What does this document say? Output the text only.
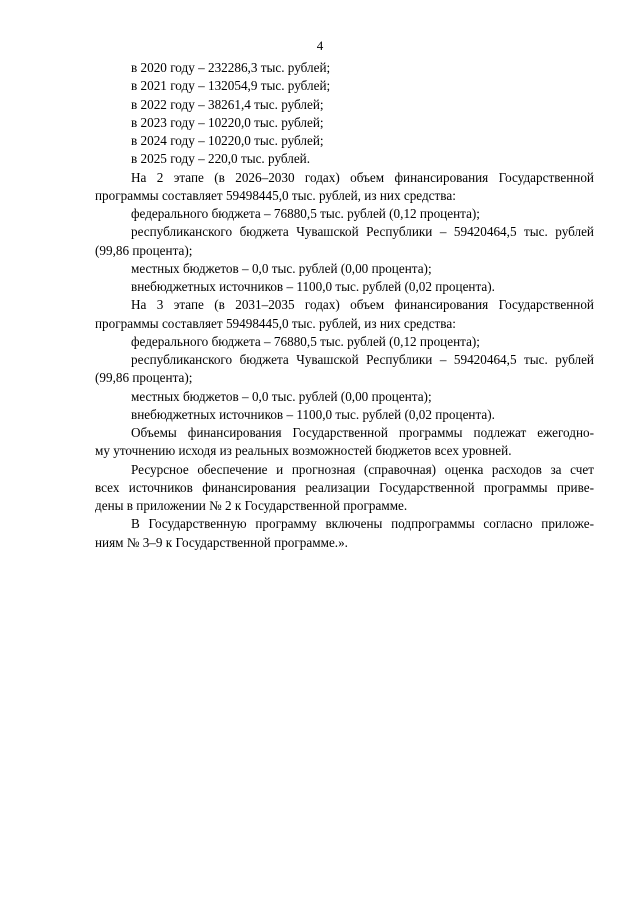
4
в 2020 году – 232286,3 тыс. рублей;
в 2021 году – 132054,9 тыс. рублей;
в 2022 году – 38261,4 тыс. рублей;
в 2023 году – 10220,0 тыс. рублей;
в 2024 году – 10220,0 тыс. рублей;
в 2025 году – 220,0 тыс. рублей.
На 2 этапе (в 2026–2030 годах) объем финансирования Государственной
программы составляет 59498445,0 тыс. рублей, из них средства:
федерального бюджета – 76880,5 тыс. рублей (0,12 процента);
республиканского бюджета Чувашской Республики – 59420464,5 тыс. рублей
(99,86 процента);
местных бюджетов – 0,0 тыс. рублей (0,00 процента);
внебюджетных источников – 1100,0 тыс. рублей (0,02 процента).
На 3 этапе (в 2031–2035 годах) объем финансирования Государственной
программы составляет 59498445,0 тыс. рублей, из них средства:
федерального бюджета – 76880,5 тыс. рублей (0,12 процента);
республиканского бюджета Чувашской Республики – 59420464,5 тыс. рублей
(99,86 процента);
местных бюджетов – 0,0 тыс. рублей (0,00 процента);
внебюджетных источников – 1100,0 тыс. рублей (0,02 процента).
Объемы финансирования Государственной программы подлежат ежегодно-
му уточнению исходя из реальных возможностей бюджетов всех уровней.
Ресурсное обеспечение и прогнозная (справочная) оценка расходов за счет
всех источников финансирования реализации Государственной программы приве-
дены в приложении № 2 к Государственной программе.
В Государственную программу включены подпрограммы согласно приложе-
ниям № 3–9 к Государственной программе.».
